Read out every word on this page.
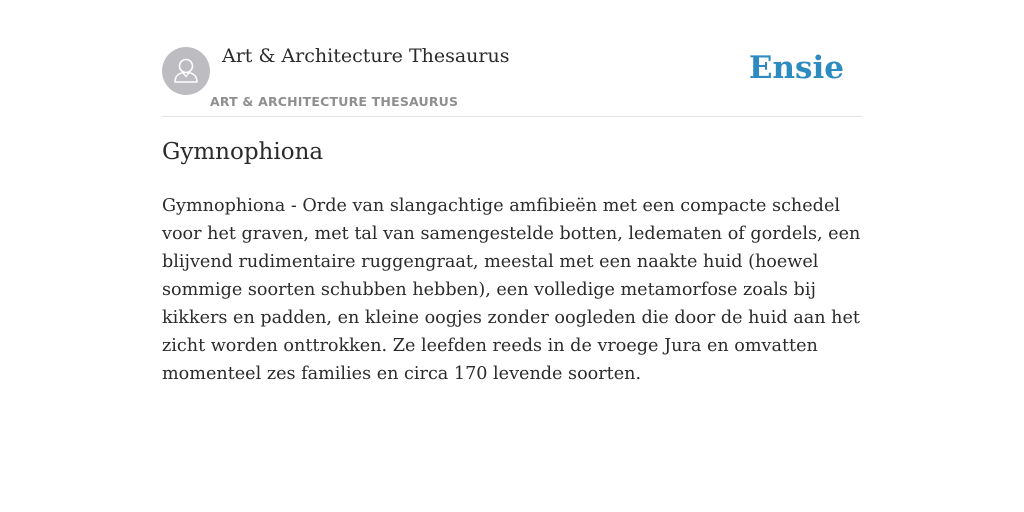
Art & Architecture Thesaurus
ART & ARCHITECTURE THESAURUS
Ensie
Gymnophiona

Gymnophiona - Orde van slangachtige amfibieën met een compacte schedel voor het graven, met tal van samengestelde botten, ledematen of gordels, een blijvend rudimentaire ruggengraat, meestal met een naakte huid (hoewel sommige soorten schubben hebben), een volledige metamorfose zoals bij kikkers en padden, en kleine oogjes zonder oogleden die door de huid aan het zicht worden onttrokken. Ze leefden reeds in de vroege Jura en omvatten momenteel zes families en circa 170 levende soorten.
